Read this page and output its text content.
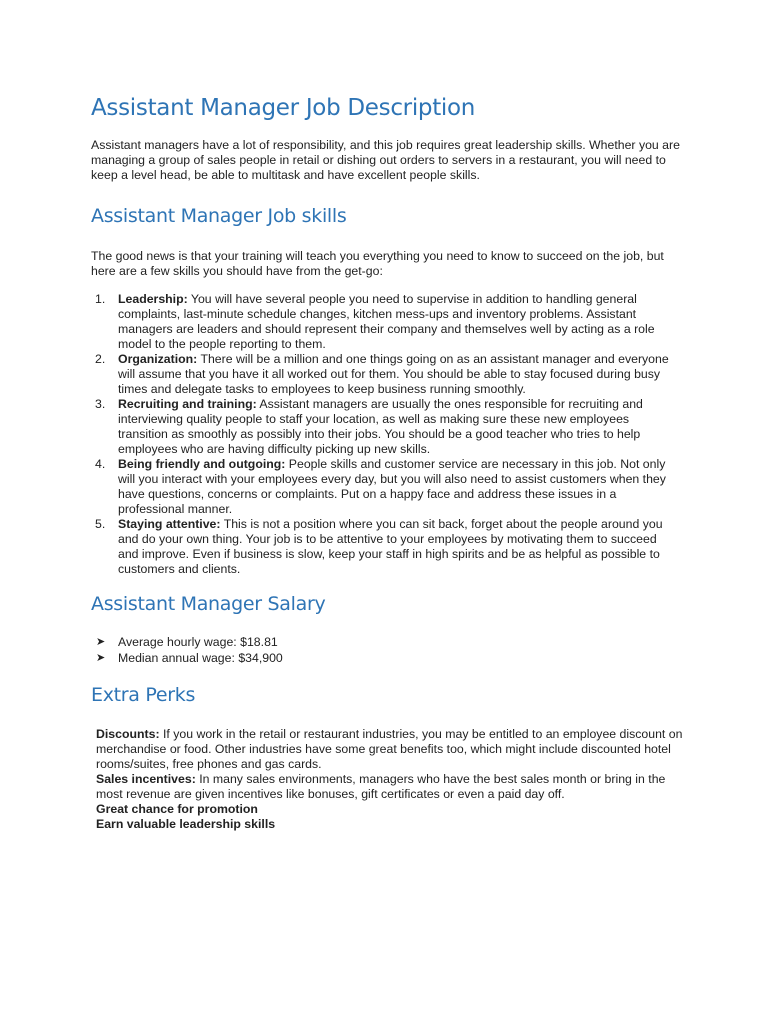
Assistant Manager Job Description

Assistant managers have a lot of responsibility, and this job requires great leadership skills. Whether you are managing a group of sales people in retail or dishing out orders to servers in a restaurant, you will need to keep a level head, be able to multitask and have excellent people skills.

Assistant Manager Job skills

The good news is that your training will teach you everything you need to know to succeed on the job, but here are a few skills you should have from the get-go:

1. Leadership: You will have several people you need to supervise in addition to handling general complaints, last-minute schedule changes, kitchen mess-ups and inventory problems. Assistant managers are leaders and should represent their company and themselves well by acting as a role model to the people reporting to them.
2. Organization: There will be a million and one things going on as an assistant manager and everyone will assume that you have it all worked out for them. You should be able to stay focused during busy times and delegate tasks to employees to keep business running smoothly.
3. Recruiting and training: Assistant managers are usually the ones responsible for recruiting and interviewing quality people to staff your location, as well as making sure these new employees transition as smoothly as possibly into their jobs. You should be a good teacher who tries to help employees who are having difficulty picking up new skills.
4. Being friendly and outgoing: People skills and customer service are necessary in this job. Not only will you interact with your employees every day, but you will also need to assist customers when they have questions, concerns or complaints. Put on a happy face and address these issues in a professional manner.
5. Staying attentive: This is not a position where you can sit back, forget about the people around you and do your own thing. Your job is to be attentive to your employees by motivating them to succeed and improve. Even if business is slow, keep your staff in high spirits and be as helpful as possible to customers and clients.
Assistant Manager Salary
➤ Average hourly wage: $18.81
➤ Median annual wage: $34,900
Extra Perks

Discounts: If you work in the retail or restaurant industries, you may be entitled to an employee discount on merchandise or food. Other industries have some great benefits too, which might include discounted hotel rooms/suites, free phones and gas cards.

Sales incentives: In many sales environments, managers who have the best sales month or bring in the most revenue are given incentives like bonuses, gift certificates or even a paid day off.

Great chance for promotion

Earn valuable leadership skills
